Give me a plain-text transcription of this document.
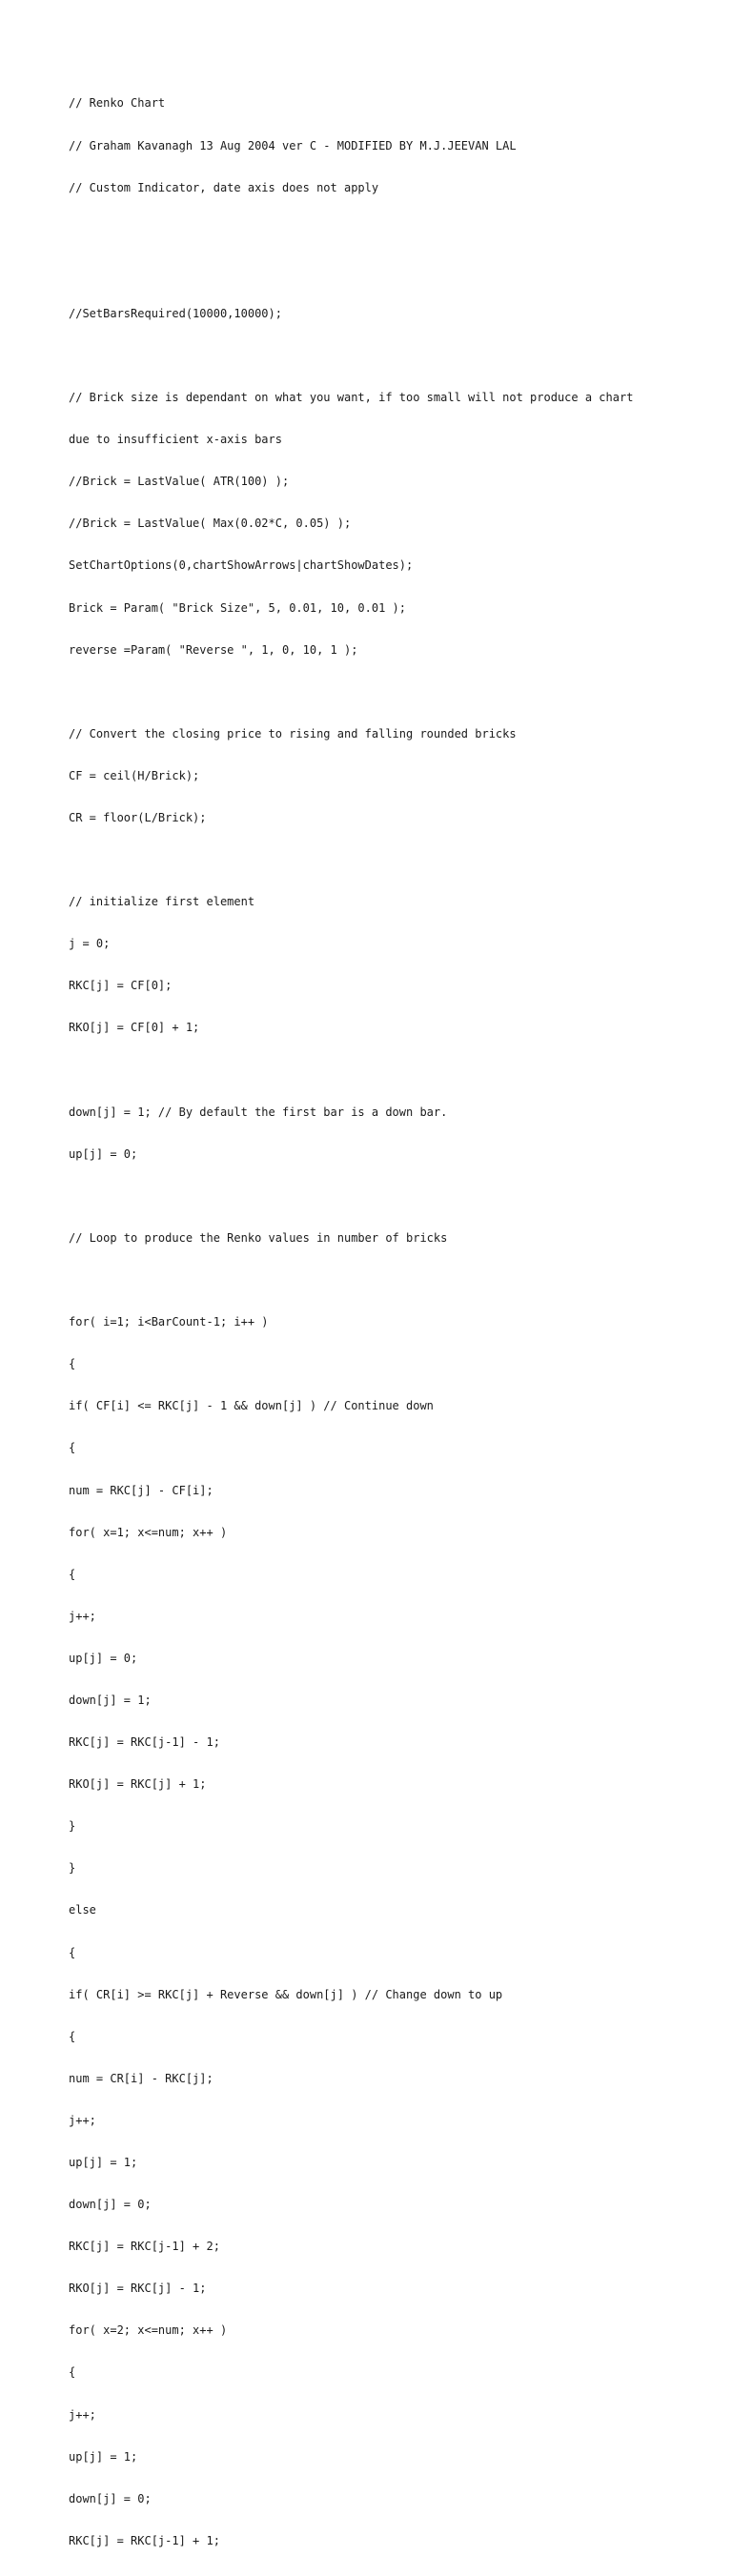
// Renko Chart

// Graham Kavanagh 13 Aug 2004 ver C - MODIFIED BY M.J.JEEVAN LAL

// Custom Indicator, date axis does not apply

//SetBarsRequired(10000,10000);

// Brick size is dependant on what you want, if too small will not produce a chart

due to insufficient x-axis bars

//Brick = LastValue( ATR(100) );

//Brick = LastValue( Max(0.02*C, 0.05) );

SetChartOptions(0,chartShowArrows|chartShowDates);

Brick = Param( "Brick Size", 5, 0.01, 10, 0.01 );

reverse =Param( "Reverse ", 1, 0, 10, 1 );

// Convert the closing price to rising and falling rounded bricks

CF = ceil(H/Brick);

CR = floor(L/Brick);

// initialize first element

j = 0;

RKC[j] = CF[0];

RKO[j] = CF[0] + 1;

down[j] = 1; // By default the first bar is a down bar.

up[j] = 0;

// Loop to produce the Renko values in number of bricks

for( i=1; i<BarCount-1; i++ )

{

if( CF[i] <= RKC[j] - 1 && down[j] ) // Continue down

{

num = RKC[j] - CF[i];

for( x=1; x<=num; x++ )

{

j++;

up[j] = 0;

down[j] = 1;

RKC[j] = RKC[j-1] - 1;

RKO[j] = RKC[j] + 1;

}

}

else

{

if( CR[i] >= RKC[j] + Reverse && down[j] ) // Change down to up

{

num = CR[i] - RKC[j];

j++;

up[j] = 1;

down[j] = 0;

RKC[j] = RKC[j-1] + 2;

RKO[j] = RKC[j] - 1;

for( x=2; x<=num; x++ )

{

j++;

up[j] = 1;

down[j] = 0;

RKC[j] = RKC[j-1] + 1;
